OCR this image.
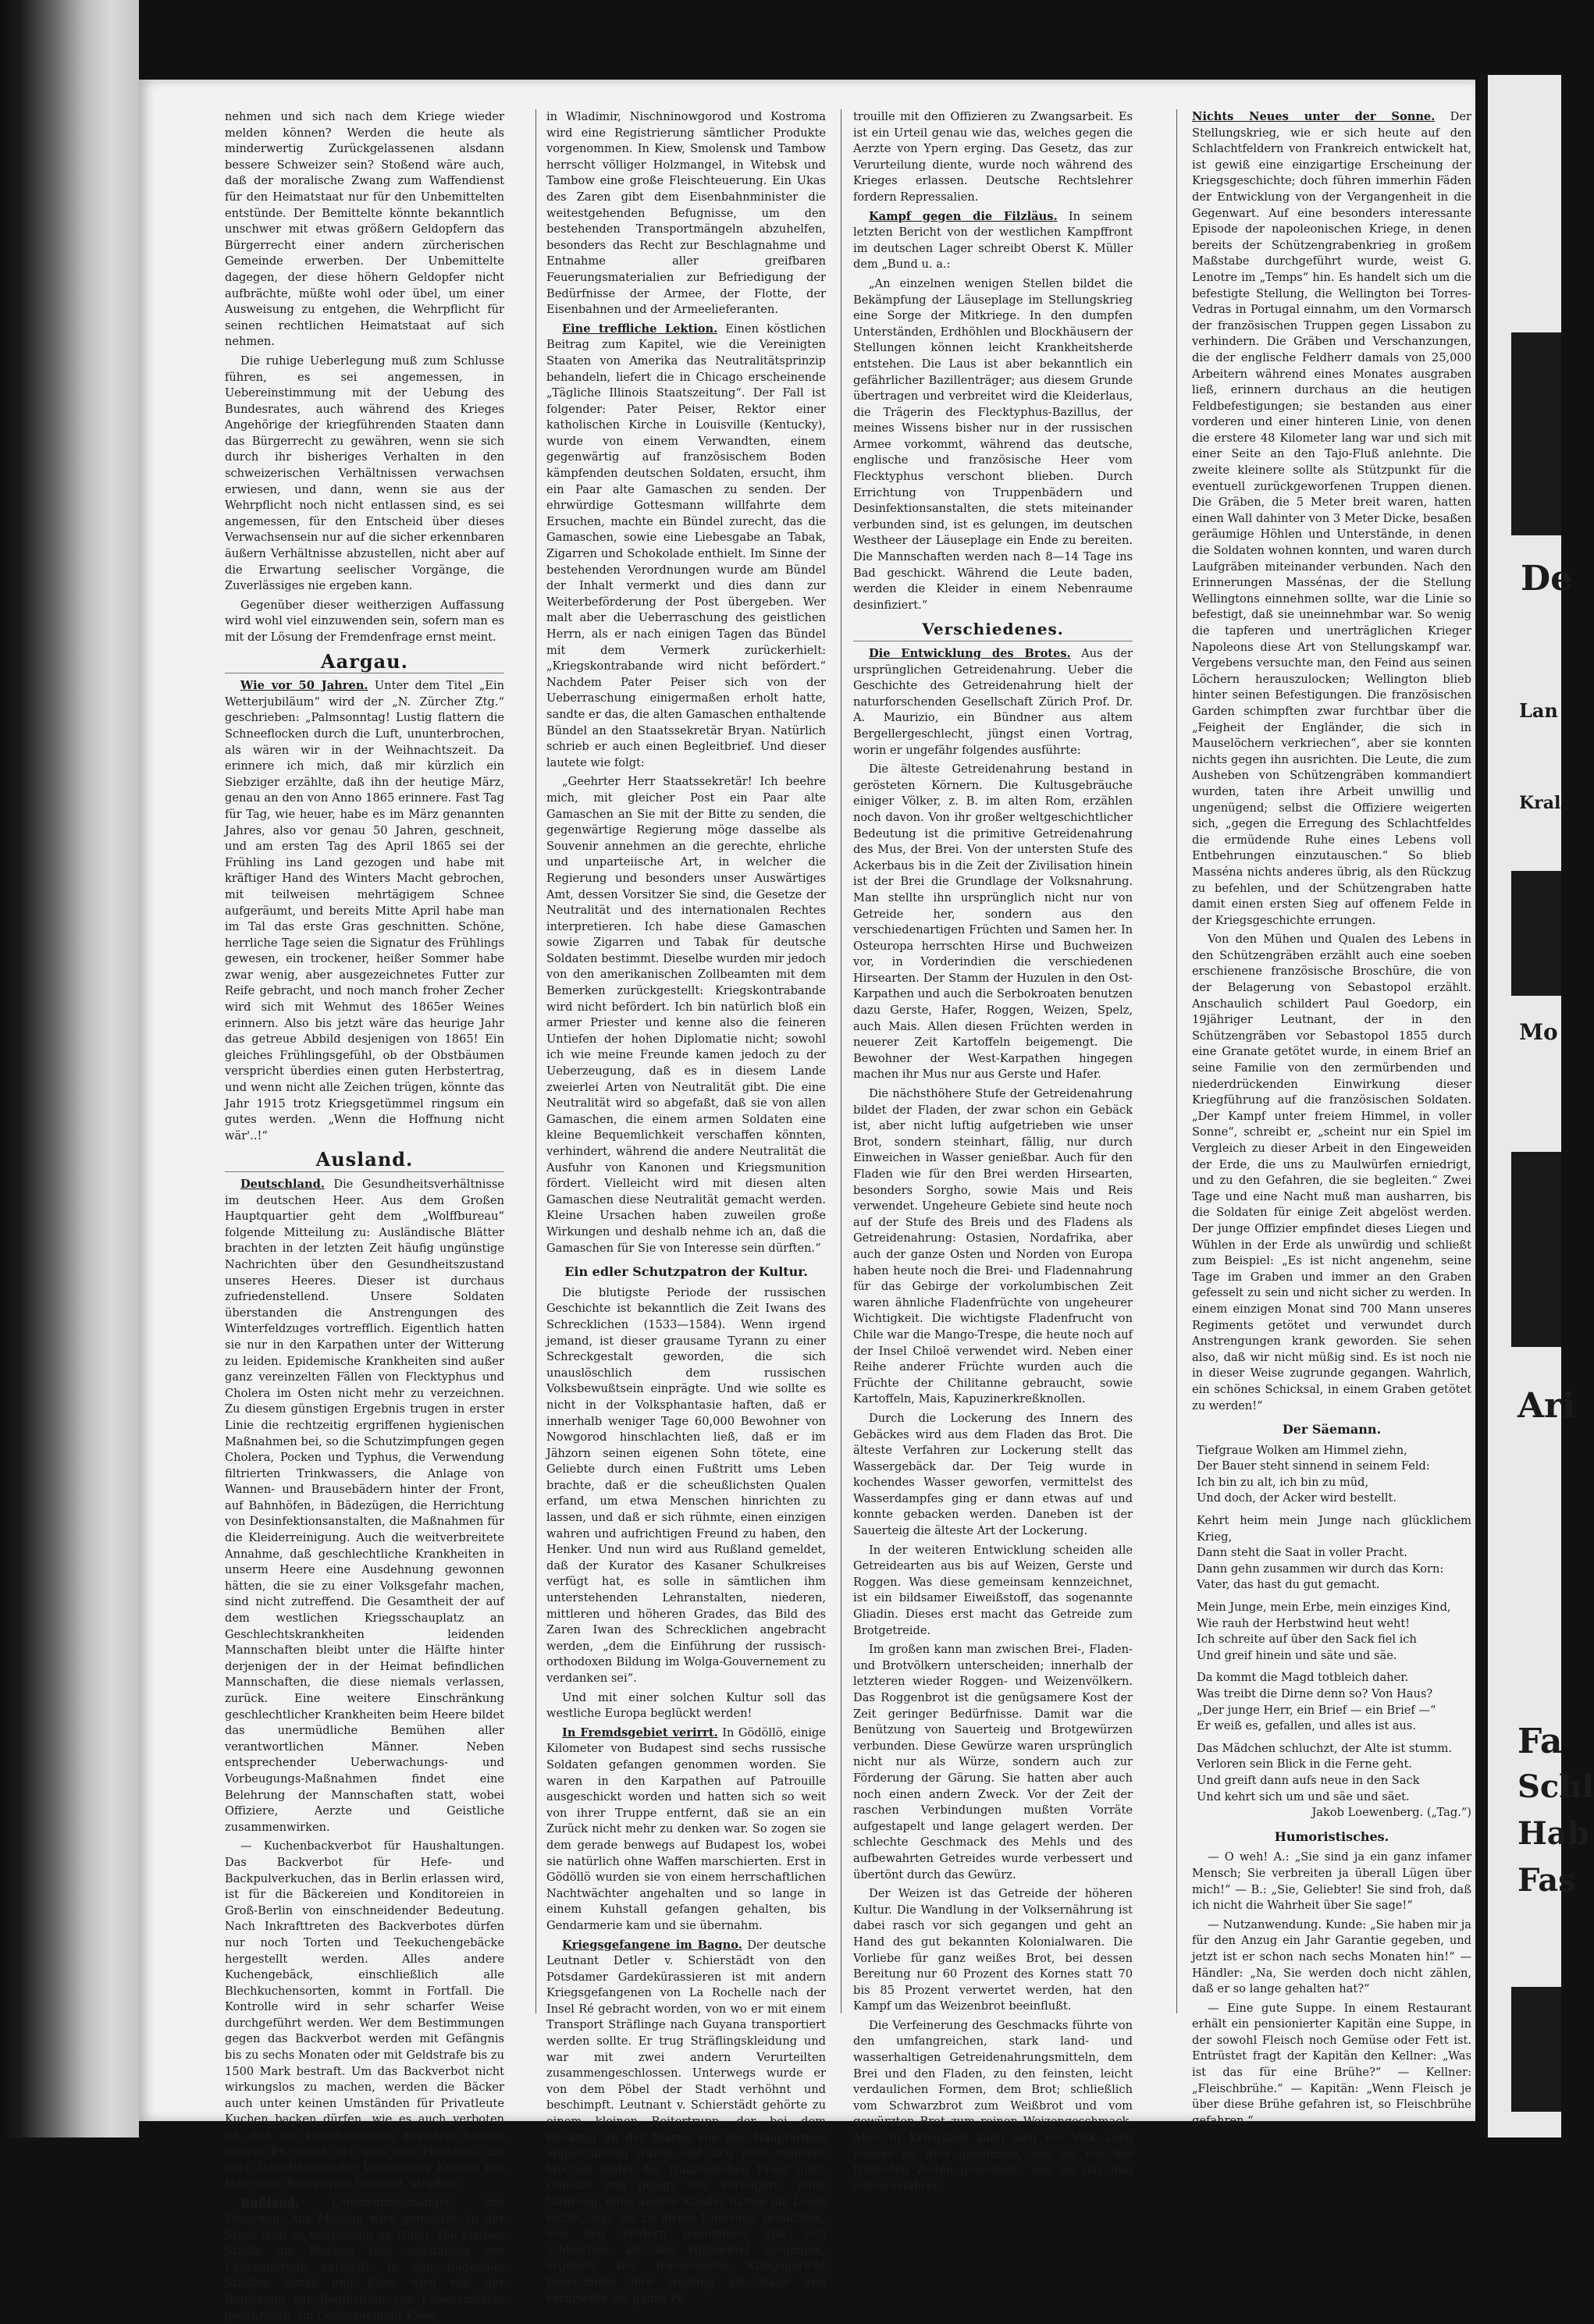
nehmen und sich nach dem Kriege wieder melden können? Werden die heute als minderwertig Zurückgelassenen alsdann bessere Schweizer sein? Stoßend wäre auch, daß der moralische Zwang zum Waffendienst für den Heimatstaat nur für den Unbemittelten entstünde. Der Bemittelte könnte bekanntlich unschwer mit etwas größern Geldopfern das Bürgerrecht einer andern zürcherischen Gemeinde erwerben. Der Unbemittelte dagegen, der diese höhern Geldopfer nicht aufbrächte, müßte wohl oder übel, um einer Ausweisung zu entgehen, die Wehrpflicht für seinen rechtlichen Heimatstaat auf sich nehmen.

Die ruhige Ueberlegung muß zum Schlusse führen, es sei angemessen, in Uebereinstimmung mit der Uebung des Bundesrates, auch während des Krieges Angehörige der kriegführenden Staaten dann das Bürgerrecht zu gewähren, wenn sie sich durch ihr bisheriges Verhalten in den schweizerischen Verhältnissen verwachsen erwiesen, und dann, wenn sie aus der Wehrpflicht noch nicht entlassen sind, es sei angemessen, für den Entscheid über dieses Verwachsensein nur auf die sicher erkennbaren äußern Verhältnisse abzustellen, nicht aber auf die Erwartung seelischer Vorgänge, die Zuverlässiges nie ergeben kann.

Gegenüber dieser weitherzigen Auffassung wird wohl viel einzuwenden sein, sofern man es mit der Lösung der Fremdenfrage ernst meint.

Aargau.

Wie vor 50 Jahren. Unter dem Titel „Ein Wetterjubiläum“ wird der „N. Zürcher Ztg.“ geschrieben: „Palmsonntag! Lustig flattern die Schneeflocken durch die Luft, ununterbrochen, als wären wir in der Weihnachtszeit. Da erinnere ich mich, daß mir kürzlich ein Siebziger erzählte, daß ihn der heutige März, genau an den von Anno 1865 erinnere. Fast Tag für Tag, wie heuer, habe es im März genannten Jahres, also vor genau 50 Jahren, geschneit, und am ersten Tag des April 1865 sei der Frühling ins Land gezogen und habe mit kräftiger Hand des Winters Macht gebrochen, mit teilweisen mehrtägigem Schnee aufgeräumt, und bereits Mitte April habe man im Tal das erste Gras geschnitten. Schöne, herrliche Tage seien die Signatur des Frühlings gewesen, ein trockener, heißer Sommer habe zwar wenig, aber ausgezeichnetes Futter zur Reife gebracht, und noch manch froher Zecher wird sich mit Wehmut des 1865er Weines erinnern. Also bis jetzt wäre das heurige Jahr das getreue Abbild desjenigen von 1865! Ein gleiches Frühlingsgefühl, ob der Obstbäumen verspricht überdies einen guten Herbstertrag, und wenn nicht alle Zeichen trügen, könnte das Jahr 1915 trotz Kriegsgetümmel ringsum ein gutes werden. „Wenn die Hoffnung nicht wär'..!“

Ausland.

Deutschland. Die Gesundheitsverhältnisse im deutschen Heer. Aus dem Großen Hauptquartier geht dem „Wolffbureau“ folgende Mitteilung zu: Ausländische Blätter brachten in der letzten Zeit häufig ungünstige Nachrichten über den Gesundheitszustand unseres Heeres. Dieser ist durchaus zufriedenstellend. Unsere Soldaten überstanden die Anstrengungen des Winterfeldzuges vortrefflich. Eigentlich hatten sie nur in den Karpathen unter der Witterung zu leiden. Epidemische Krankheiten sind außer ganz vereinzelten Fällen von Flecktyphus und Cholera im Osten nicht mehr zu verzeichnen. Zu diesem günstigen Ergebnis trugen in erster Linie die rechtzeitig ergriffenen hygienischen Maßnahmen bei, so die Schutzimpfungen gegen Cholera, Pocken und Typhus, die Verwendung filtrierten Trinkwassers, die Anlage von Wannen- und Brausebädern hinter der Front, auf Bahnhöfen, in Bädezügen, die Herrichtung von Desinfektionsanstalten, die Maßnahmen für die Kleiderreinigung. Auch die weitverbreitete Annahme, daß geschlechtliche Krankheiten in unserm Heere eine Ausdehnung gewonnen hätten, die sie zu einer Volksgefahr machen, sind nicht zutreffend. Die Gesamtheit der auf dem westlichen Kriegsschauplatz an Geschlechtskrankheiten leidenden Mannschaften bleibt unter die Hälfte hinter derjenigen der in der Heimat befindlichen Mannschaften, die diese niemals verlassen, zurück. Eine weitere Einschränkung geschlechtlicher Krankheiten beim Heere bildet das unermüdliche Bemühen aller verantwortlichen Männer. Neben entsprechender Ueberwachungs- und Vorbeugungs-Maßnahmen findet eine Belehrung der Mannschaften statt, wobei Offiziere, Aerzte und Geistliche zusammenwirken.

— Kuchenbackverbot für Haushaltungen. Das Backverbot für Hefe- und Backpulverkuchen, das in Berlin erlassen wird, ist für die Bäckereien und Konditoreien in Groß-Berlin von einschneidender Bedeutung. Nach Inkrafttreten des Backverbotes dürfen nur noch Torten und Teekuchengebäcke hergestellt werden. Alles andere Kuchengebäck, einschließlich alle Blechkuchensorten, kommt in Fortfall. Die Kontrolle wird in sehr scharfer Weise durchgeführt werden. Wer dem Bestimmungen gegen das Backverbot werden mit Gefängnis bis zu sechs Monaten oder mit Geldstrafe bis zu 1500 Mark bestraft. Um das Backverbot nicht wirkungslos zu machen, werden die Bäcker auch unter keinen Umständen für Privatleute Kuchen backen dürfen, wie es auch verboten ist, daß die Haushaltungen auswärts backen lassen. Es macht sich also jede Hausfrau, die nach Inkrafttreten der Verordnung Kuchen mit Hefe oder Backpulver herstellt, strafbar.

Rußland.	Lebensmittelmangel und Teuerung. Aus Moskau wird gemeldet: In der Stadt fehlt es vollständig an Hafer. Die kleinen Städte um Moskau sind vollständig von Lebensmitteln entblößt. In den folgenden Städten Kursk und Kiew wird von der Regierung zur Requisition von Lebensmitteln geschritten. Im Gouvernement Kiew,

in Wladimir, Nischninowgorod und Kostroma wird eine Registrierung sämtlicher Produkte vorgenommen. In Kiew, Smolensk und Tambow herrscht völliger Holzmangel, in Witebsk und Tambow eine große Fleischteuerung. Ein Ukas des Zaren gibt dem Eisenbahnminister die weitestgehenden Befugnisse, um den bestehenden Transportmängeln abzuhelfen, besonders das Recht zur Beschlagnahme und Entnahme aller greifbaren Feuerungsmaterialien zur Befriedigung der Bedürfnisse der Armee, der Flotte, der Eisenbahnen und der Armeelieferanten.

Eine treffliche Lektion. Einen köstlichen Beitrag zum Kapitel, wie die Vereinigten Staaten von Amerika das Neutralitätsprinzip behandeln, liefert die in Chicago erscheinende „Tägliche Illinois Staatszeitung“. Der Fall ist folgender: Pater Peiser, Rektor einer katholischen Kirche in Louisville (Kentucky), wurde von einem Verwandten, einem gegenwärtig auf französischem Boden kämpfenden deutschen Soldaten, ersucht, ihm ein Paar alte Gamaschen zu senden. Der ehrwürdige Gottesmann willfahrte dem Ersuchen, machte ein Bündel zurecht, das die Gamaschen, sowie eine Liebesgabe an Tabak, Zigarren und Schokolade enthielt. Im Sinne der bestehenden Verordnungen wurde am Bündel der Inhalt vermerkt und dies dann zur Weiterbeförderung der Post übergeben. Wer malt aber die Ueberraschung des geistlichen Herrn, als er nach einigen Tagen das Bündel mit dem Vermerk zurückerhielt: „Kriegskontrabande wird nicht befördert.“ Nachdem Pater Peiser sich von der Ueberraschung einigermaßen erholt hatte, sandte er das, die alten Gamaschen enthaltende Bündel an den Staatssekretär Bryan. Natürlich schrieb er auch einen Begleitbrief. Und dieser lautete wie folgt:

„Geehrter Herr Staatssekretär! Ich beehre mich, mit gleicher Post ein Paar alte Gamaschen an Sie mit der Bitte zu senden, die gegenwärtige Regierung möge dasselbe als Souvenir annehmen an die gerechte, ehrliche und unparteiische Art, in welcher die Regierung und besonders unser Auswärtiges Amt, dessen Vorsitzer Sie sind, die Gesetze der Neutralität und des internationalen Rechtes interpretieren. Ich habe diese Gamaschen sowie Zigarren und Tabak für deutsche Soldaten bestimmt. Dieselbe wurden mir jedoch von den amerikanischen Zollbeamten mit dem Bemerken zurückgestellt: Kriegskontrabande wird nicht befördert. Ich bin natürlich bloß ein armer Priester und kenne also die feineren Untiefen der hohen Diplomatie nicht; sowohl ich wie meine Freunde kamen jedoch zu der Ueberzeugung, daß es in diesem Lande zweierlei Arten von Neutralität gibt. Die eine Neutralität wird so abgefaßt, daß sie von allen Gamaschen, die einem armen Soldaten eine kleine Bequemlichkeit verschaffen könnten, verhindert, während die andere Neutralität die Ausfuhr von Kanonen und Kriegsmunition fördert. Vielleicht wird mit diesen alten Gamaschen diese Neutralität gemacht werden. Kleine Ursachen haben zuweilen große Wirkungen und deshalb nehme ich an, daß die Gamaschen für Sie von Interesse sein dürften.“

Ein edler Schutzpatron der Kultur.

Die blutigste Periode der russischen Geschichte ist bekanntlich die Zeit Iwans des Schrecklichen (1533—1584). Wenn irgend jemand, ist dieser grausame Tyrann zu einer Schreckgestalt geworden, die sich unauslöschlich dem russischen Volksbewußtsein einprägte. Und wie sollte es nicht in der Volksphantasie haften, daß er innerhalb weniger Tage 60,000 Bewohner von Nowgorod hinschlachten ließ, daß er im Jähzorn seinen eigenen Sohn tötete, eine Geliebte durch einen Fußtritt ums Leben brachte, daß er die scheußlichsten Qualen erfand, um etwa Menschen hinrichten zu lassen, und daß er sich rühmte, einen einzigen wahren und aufrichtigen Freund zu haben, den Henker. Und nun wird aus Rußland gemeldet, daß der Kurator des Kasaner Schulkreises verfügt hat, es solle in sämtlichen ihm unterstehenden Lehranstalten, niederen, mittleren und höheren Grades, das Bild des Zaren Iwan des Schrecklichen angebracht werden, „dem die Einführung der russisch-orthodoxen Bildung im Wolga-Gouvernement zu verdanken sei“.

Und mit einer solchen Kultur soll das westliche Europa beglückt werden!

In Fremdsgebiet verirrt. In Gödöllö, einige Kilometer von Budapest sind sechs russische Soldaten gefangen genommen worden. Sie waren in den Karpathen auf Patrouille ausgeschickt worden und hatten sich so weit von ihrer Truppe entfernt, daß sie an ein Zurück nicht mehr zu denken war. So zogen sie dem gerade benwegs auf Budapest los, wobei sie natürlich ohne Waffen marschierten. Erst in Gödöllö wurden sie von einem herrschaftlichen Nachtwächter angehalten und so lange in einem Kuhstall gefangen gehalten, bis Gendarmerie kam und sie übernahm.

Kriegsgefangene im Bagno. Der deutsche Leutnant Detler v. Schierstädt von den Potsdamer Gardekürassieren ist mit andern Kriegsgefangenen von La Rochelle nach der Insel Ré gebracht worden, von wo er mit einem Transport Sträflinge nach Guyana transportiert werden sollte. Er trug Sträflingskleidung und war mit zwei andern Verurteilten zusammengeschlossen. Unterwegs wurde er von dem Pöbel der Stadt verhöhnt und beschimpft. Leutnant v. Schierstädt gehörte zu einem kleinen Reitertrupp, der bei dem Rückzug an der Marne von der Hauptarmee abgeschnitten wurde und sich noch mehrere Wochen hinter der französischen Front hielt. Gehetzt und gejagt von Verfolgern, ohne Nahrung, ohne andere Kleider hatten die Leute nichts, was sie zu ihrem Unterhalt brauchten, von den Feldern genommen und sich schließlich, als alle Hilfsmittel ausgingen, ergeben. Das französische Kriegsgericht bezeichnete ihre Haltung als Raub und verurteilte die ganze Pa-

trouille mit den Offizieren zu Zwangsarbeit. Es ist ein Urteil genau wie das, welches gegen die Aerzte von Ypern erging. Das Gesetz, das zur Verurteilung diente, wurde noch während des Krieges erlassen. Deutsche Rechtslehrer fordern Repressalien.

Kampf gegen die Filzläus. In seinem letzten Bericht von der westlichen Kampffront im deutschen Lager schreibt Oberst K. Müller dem „Bund u. a.:

„An einzelnen wenigen Stellen bildet die Bekämpfung der Läuseplage im Stellungskrieg eine Sorge der Mitkriege. In den dumpfen Unterständen, Erdhöhlen und Blockhäusern der Stellungen können leicht Krankheitsherde entstehen. Die Laus ist aber bekanntlich ein gefährlicher Bazillenträger; aus diesem Grunde übertragen und verbreitet wird die Kleiderlaus, die Trägerin des Flecktyphus-Bazillus, der meines Wissens bisher nur in der russischen Armee vorkommt, während das deutsche, englische und französische Heer vom Flecktyphus verschont blieben. Durch Errichtung von Truppenbädern und Desinfektionsanstalten, die stets miteinander verbunden sind, ist es gelungen, im deutschen Westheer der Läuseplage ein Ende zu bereiten. Die Mannschaften werden nach 8—14 Tage ins Bad geschickt. Während die Leute baden, werden die Kleider in einem Nebenraume desinfiziert.“

Verschiedenes.

Die Entwicklung des Brotes. Aus der ursprünglichen Getreidenahrung. Ueber die Geschichte des Getreidenahrung hielt der naturforschenden Gesellschaft Zürich Prof. Dr. A. Maurizio, ein Bündner aus altem Bergellergeschlecht, jüngst einen Vortrag, worin er ungefähr folgendes ausführte:

Die älteste Getreidenahrung bestand in gerösteten Körnern. Die Kultusgebräuche einiger Völker, z. B. im alten Rom, erzählen noch davon. Von ihr großer weltgeschichtlicher Bedeutung ist die primitive Getreidenahrung des Mus, der Brei. Von der untersten Stufe des Ackerbaus bis in die Zeit der Zivilisation hinein ist der Brei die Grundlage der Volksnahrung. Man stellte ihn ursprünglich nicht nur von Getreide her, sondern aus den verschiedenartigen Früchten und Samen her. In Osteuropa herrschten Hirse und Buchweizen vor, in Vorderindien die verschiedenen Hirsearten. Der Stamm der Huzulen in den Ost-Karpathen und auch die Serbokroaten benutzen dazu Gerste, Hafer, Roggen, Weizen, Spelz, auch Mais. Allen diesen Früchten werden in neuerer Zeit Kartoffeln beigemengt. Die Bewohner der West-Karpathen hingegen machen ihr Mus nur aus Gerste und Hafer.

Die nächsthöhere Stufe der Getreidenahrung bildet der Fladen, der zwar schon ein Gebäck ist, aber nicht luftig aufgetrieben wie unser Brot, sondern steinhart, fällig, nur durch Einweichen in Wasser genießbar. Auch für den Fladen wie für den Brei werden Hirsearten, besonders Sorgho, sowie Mais und Reis verwendet. Ungeheure Gebiete sind heute noch auf der Stufe des Breis und des Fladens als Getreidenahrung: Ostasien, Nordafrika, aber auch der ganze Osten und Norden von Europa haben heute noch die Brei- und Fladennahrung für das Gebirge der vorkolumbischen Zeit waren ähnliche Fladenfrüchte von ungeheurer Wichtigkeit. Die wichtigste Fladenfrucht von Chile war die Mango-Trespe, die heute noch auf der Insel Chiloë verwendet wird. Neben einer Reihe anderer Früchte wurden auch die Früchte der Chilitanne gebraucht, sowie Kartoffeln, Mais, Kapuzinerkreßknollen.

Durch die Lockerung des Innern des Gebäckes wird aus dem Fladen das Brot. Die älteste Verfahren zur Lockerung stellt das Wassergebäck dar. Der Teig wurde in kochendes Wasser geworfen, vermittelst des Wasserdampfes ging er dann etwas auf und konnte gebacken werden. Daneben ist der Sauerteig die älteste Art der Lockerung.

In der weiteren Entwicklung scheiden alle Getreidearten aus bis auf Weizen, Gerste und Roggen. Was diese gemeinsam kennzeichnet, ist ein bildsamer Eiweißstoff, das sogenannte Gliadin. Dieses erst macht das Getreide zum Brotgetreide.

Im großen kann man zwischen Brei-, Fladen- und Brotvölkern unterscheiden; innerhalb der letzteren wieder Roggen- und Weizenvölkern. Das Roggenbrot ist die genügsamere Kost der Zeit geringer Bedürfnisse. Damit war die Benützung von Sauerteig und Brotgewürzen verbunden. Diese Gewürze waren ursprünglich nicht nur als Würze, sondern auch zur Förderung der Gärung. Sie hatten aber auch noch einen andern Zweck. Vor der Zeit der raschen Verbindungen mußten Vorräte aufgestapelt und lange gelagert werden. Der schlechte Geschmack des Mehls und des aufbewahrten Getreides wurde verbessert und übertönt durch das Gewürz.

Der Weizen ist das Getreide der höheren Kultur. Die Wandlung in der Volksernährung ist dabei rasch vor sich gegangen und geht an Hand des gut bekannten Kolonialwaren. Die Vorliebe für ganz weißes Brot, bei dessen Bereitung nur 60 Prozent des Kornes statt 70 bis 85 Prozent verwertet werden, hat den Kampf um das Weizenbrot beeinflußt.

Die Verfeinerung des Geschmacks führte von den umfangreichen, stark land- und wasserhaltigen Getreidenahrungsmitteln, dem Brei und den Fladen, zu den feinsten, leicht verdaulichen Formen, dem Brot; schließlich vom Schwarzbrot zum Weißbrot und vom gewürzten Brot zum reinen Weizengeschmack. Aber in Kriegszeit kann sich ein Volk auch wieder an Brot gewöhnen, wie sie vor der frühesten Zeiten gewöhnen, wie sie das nun schon erfahren.

Nichts Neues unter der Sonne. Der Stellungskrieg, wie er sich heute auf den Schlachtfeldern von Frankreich entwickelt hat, ist gewiß eine einzigartige Erscheinung der Kriegsgeschichte; doch führen immerhin Fäden der Entwicklung von der Vergangenheit in die Gegenwart. Auf eine besonders interessante Episode der napoleonischen Kriege, in denen bereits der Schützengrabenkrieg in großem Maßstabe durchgeführt wurde, weist G. Lenotre im „Temps“ hin. Es handelt sich um die befestigte Stellung, die Wellington bei Torres-Vedras in Portugal einnahm, um den Vormarsch der französischen Truppen gegen Lissabon zu verhindern. Die Gräben und Verschanzungen, die der englische Feldherr damals von 25,000 Arbeitern während eines Monates ausgraben ließ, erinnern durchaus an die heutigen Feldbefestigungen; sie bestanden aus einer vorderen und einer hinteren Linie, von denen die erstere 48 Kilometer lang war und sich mit einer Seite an den Tajo-Fluß anlehnte. Die zweite kleinere sollte als Stützpunkt für die eventuell zurückgeworfenen Truppen dienen. Die Gräben, die 5 Meter breit waren, hatten einen Wall dahinter von 3 Meter Dicke, besaßen geräumige Höhlen und Unterstände, in denen die Soldaten wohnen konnten, und waren durch Laufgräben miteinander verbunden. Nach den Erinnerungen Massénas, der die Stellung Wellingtons einnehmen sollte, war die Linie so befestigt, daß sie uneinnehmbar war. So wenig die tapferen und unerträglichen Krieger Napoleons diese Art von Stellungskampf war. Vergebens versuchte man, den Feind aus seinen Löchern herauszulocken; Wellington blieb hinter seinen Befestigungen. Die französischen Garden schimpften zwar furchtbar über die „Feigheit der Engländer, die sich in Mauselöchern verkriechen“, aber sie konnten nichts gegen ihn ausrichten. Die Leute, die zum Ausheben von Schützengräben kommandiert wurden, taten ihre Arbeit unwillig und ungenügend; selbst die Offiziere weigerten sich, „gegen die Erregung des Schlachtfeldes die ermüdende Ruhe eines Lebens voll Entbehrungen einzutauschen.“ So blieb Masséna nichts anderes übrig, als den Rückzug zu befehlen, und der Schützengraben hatte damit einen ersten Sieg auf offenem Felde in der Kriegsgeschichte errungen.

Von den Mühen und Qualen des Lebens in den Schützengräben erzählt auch eine soeben erschienene französische Broschüre, die von der Belagerung von Sebastopol erzählt. Anschaulich schildert Paul Goedorp, ein 19jähriger Leutnant, der in den Schützengräben vor Sebastopol 1855 durch eine Granate getötet wurde, in einem Brief an seine Familie von den zermürbenden und niederdrückenden Einwirkung dieser Kriegführung auf die französischen Soldaten. „Der Kampf unter freiem Himmel, in voller Sonne“, schreibt er, „scheint nur ein Spiel im Vergleich zu dieser Arbeit in den Eingeweiden der Erde, die uns zu Maulwürfen erniedrigt, und zu den Gefahren, die sie begleiten.“ Zwei Tage und eine Nacht muß man ausharren, bis die Soldaten für einige Zeit abgelöst werden. Der junge Offizier empfindet dieses Liegen und Wühlen in der Erde als unwürdig und schließt zum Beispiel: „Es ist nicht angenehm, seine Tage im Graben und immer an den Graben gefesselt zu sein und nicht sicher zu werden. In einem einzigen Monat sind 700 Mann unseres Regiments getötet und verwundet durch Anstrengungen krank geworden. Sie sehen also, daß wir nicht müßig sind. Es ist noch nie in dieser Weise zugrunde gegangen. Wahrlich, ein schönes Schicksal, in einem Graben getötet zu werden!“

Der Säemann.
Tiefgraue Wolken am Himmel ziehn,
Der Bauer steht sinnend in seinem Feld:
Ich bin zu alt, ich bin zu müd,
Und doch, der Acker wird bestellt.
Kehrt heim mein Junge nach glücklichem Krieg,
Dann steht die Saat in voller Pracht.
Dann gehn zusammen wir durch das Korn:
Vater, das hast du gut gemacht.
Mein Junge, mein Erbe, mein einziges Kind,
Wie rauh der Herbstwind heut weht!
Ich schreite auf über den Sack fiel ich
Und greif hinein und säte und säe.
Da kommt die Magd totbleich daher.
Was treibt die Dirne denn so? Von Haus?
„Der junge Herr, ein Brief — ein Brief —“
Er weiß es, gefallen, und alles ist aus.
Das Mädchen schluchzt, der Alte ist stumm.
Verloren sein Blick in die Ferne geht.
Und greift dann aufs neue in den Sack
Und kehrt sich um und säe und säet.
Jakob Loewenberg. („Tag.“)
Humoristisches.

— O weh! A.: „Sie sind ja ein ganz infamer Mensch; Sie verbreiten ja überall Lügen über mich!“ — B.: „Sie, Geliebter! Sie sind froh, daß ich nicht die Wahrheit über Sie sage!“

— Nutzanwendung. Kunde: „Sie haben mir ja für den Anzug ein Jahr Garantie gegeben, und jetzt ist er schon nach sechs Monaten hin!“ — Händler: „Na, Sie werden doch nicht zählen, daß er so lange gehalten hat?“

— Eine gute Suppe. In einem Restaurant erhält ein pensionierter Kapitän eine Suppe, in der sowohl Fleisch noch Gemüse oder Fett ist. Entrüstet fragt der Kapitän den Kellner: „Was ist das für eine Brühe?“ — Kellner: „Fleischbrühe.“ — Kapitän: „Wenn Fleisch je über diese Brühe gefahren ist, so Fleischbrühe gefahren.“

De
Lan
Kral
Mo
Ari
Fa
Schl
Hab
Fas
